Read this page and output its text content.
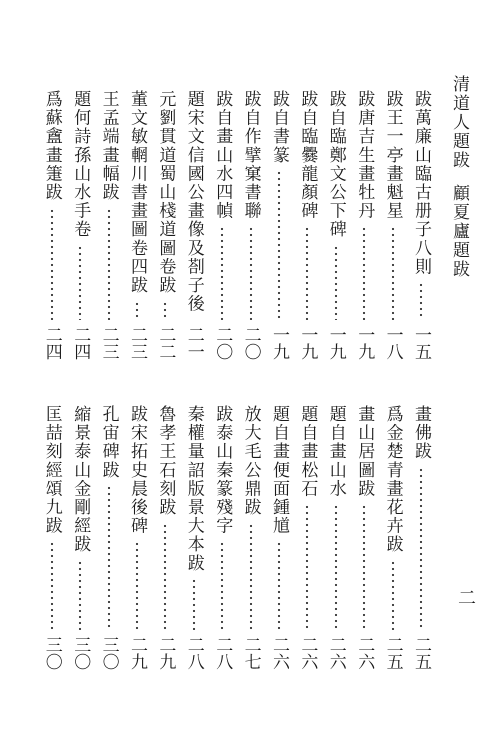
清道人題跋顧夏廬題跋
跋萬廉山臨古册子八則
一五
跋王一亭畫魁星
一八
跋唐吉生畫牡丹
一九
跋自臨鄭文公下碑
一九
跋自臨爨龍顏碑
一九
跋自書篆
一九
跋自作擘窠書聯
二〇
跋自畫山水四幀
二〇
題宋文信國公畫像及剳子後
二一
元劉貫道蜀山棧道圖卷跋
二二
董文敏輞川書畫圖卷四跋
二三
王孟端畫幅跋
二三
題何詩孫山水手卷
二四
爲蘇盦畫箑跋
二四
畫佛跋
二五
爲金楚青畫花卉跋
二五
畫山居圖跋
二六
題自畫山水
二六
題自畫松石
二六
題自畫便面鍾馗
二六
放大毛公鼎跋
二七
跋泰山秦篆殘字
二八
秦權量詔版景大本跋
二八
魯孝王石刻跋
二九
跋宋拓史晨後碑
二九
孔宙碑跋
三〇
縮景泰山金剛經跋
三〇
匡喆刻經頌九跋
三〇
二
